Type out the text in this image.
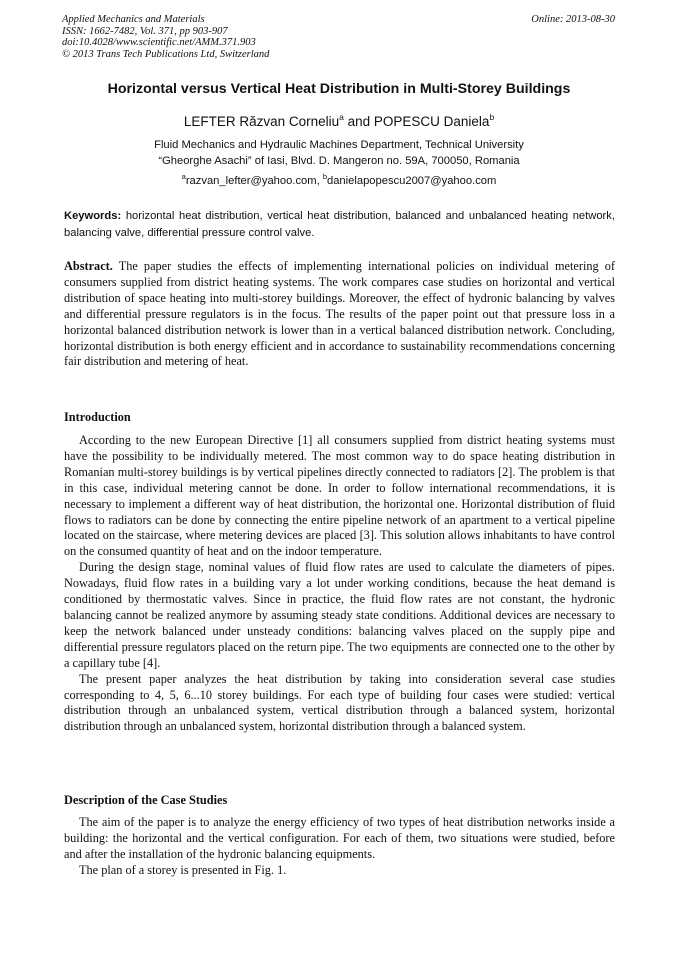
Applied Mechanics and Materials
ISSN: 1662-7482, Vol. 371, pp 903-907
doi:10.4028/www.scientific.net/AMM.371.903
© 2013 Trans Tech Publications Ltd, Switzerland
Online: 2013-08-30
Horizontal versus Vertical Heat Distribution in Multi-Storey Buildings
LEFTER Răzvan Corneliu$^a$ and POPESCU Daniela$^b$
Fluid Mechanics and Hydraulic Machines Department, Technical University
“Gheorghe Asachi” of Iasi, Blvd. D. Mangeron no. 59A, 700050, Romania
$^a$razvan_lefter@yahoo.com, $^b$danielapopescu2007@yahoo.com
Keywords: horizontal heat distribution, vertical heat distribution, balanced and unbalanced heating network, balancing valve, differential pressure control valve.

Abstract. The paper studies the effects of implementing international policies on individual metering of consumers supplied from district heating systems. The work compares case studies on horizontal and vertical distribution of space heating into multi-storey buildings. Moreover, the effect of hydronic balancing by valves and differential pressure regulators is in the focus. The results of the paper point out that pressure loss in a horizontal balanced distribution network is lower than in a vertical balanced distribution network. Concluding, horizontal distribution is both energy efficient and in accordance to sustainability recommendations concerning fair distribution and metering of heat.

Introduction

According to the new European Directive [1] all consumers supplied from district heating systems must have the possibility to be individually metered. The most common way to do space heating distribution in Romanian multi-storey buildings is by vertical pipelines directly connected to radiators [2]. The problem is that in this case, individual metering cannot be done. In order to follow international recommendations, it is necessary to implement a different way of heat distribution, the horizontal one. Horizontal distribution of fluid flows to radiators can be done by connecting the entire pipeline network of an apartment to a vertical pipeline located on the staircase, where metering devices are placed [3]. This solution allows inhabitants to have control on the consumed quantity of heat and on the indoor temperature.

During the design stage, nominal values of fluid flow rates are used to calculate the diameters of pipes. Nowadays, fluid flow rates in a building vary a lot under working conditions, because the heat demand is conditioned by thermostatic valves. Since in practice, the fluid flow rates are not constant, the hydronic balancing cannot be realized anymore by assuming steady state conditions. Additional devices are necessary to keep the network balanced under unsteady conditions: balancing valves placed on the supply pipe and differential pressure regulators placed on the return pipe. The two equipments are connected one to the other by a capillary tube [4].

The present paper analyzes the heat distribution by taking into consideration several case studies corresponding to 4, 5, 6...10 storey buildings. For each type of building four cases were studied: vertical distribution through an unbalanced system, vertical distribution through a balanced system, horizontal distribution through an unbalanced system, horizontal distribution through a balanced system.

Description of the Case Studies

The aim of the paper is to analyze the energy efficiency of two types of heat distribution networks inside a building: the horizontal and the vertical configuration. For each of them, two situations were studied, before and after the installation of the hydronic balancing equipments.

The plan of a storey is presented in Fig. 1.
